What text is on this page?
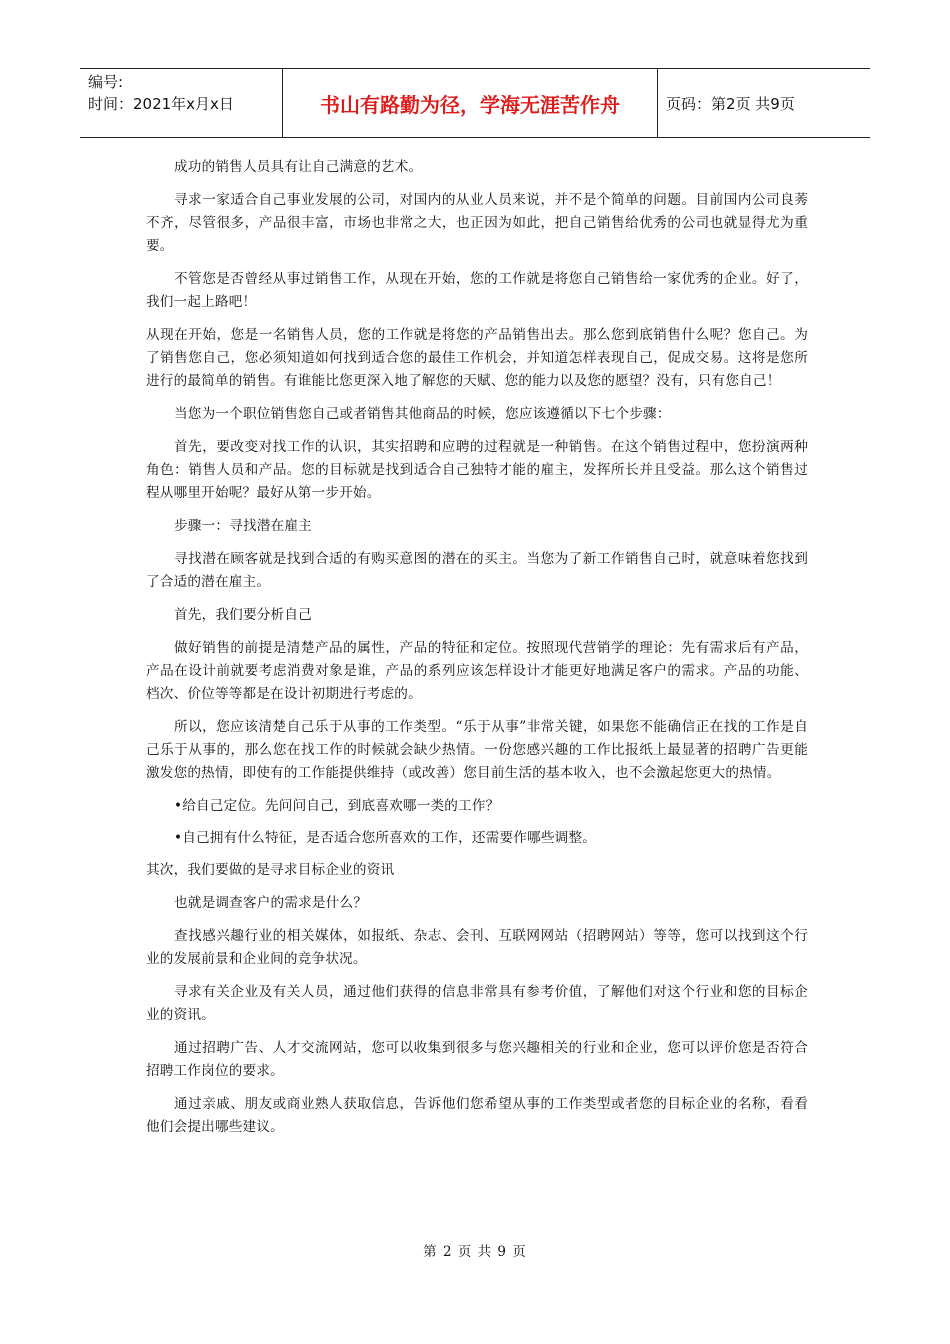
编号:
时间：2021年x月x日	书山有路勤为径，学海无涯苦作舟	页码：第2页 共9页

成功的销售人员具有让自己满意的艺术。

寻求一家适合自己事业发展的公司，对国内的从业人员来说，并不是个简单的问题。目前国内公司良莠不齐，尽管很多，产品很丰富，市场也非常之大，也正因为如此，把自己销售给优秀的公司也就显得尤为重要。

不管您是否曾经从事过销售工作，从现在开始，您的工作就是将您自己销售给一家优秀的企业。好了，我们一起上路吧！

从现在开始，您是一名销售人员，您的工作就是将您的产品销售出去。那么您到底销售什么呢？您自己。为了销售您自己，您必须知道如何找到适合您的最佳工作机会，并知道怎样表现自己，促成交易。这将是您所进行的最简单的销售。有谁能比您更深入地了解您的天赋、您的能力以及您的愿望？没有，只有您自己！

当您为一个职位销售您自己或者销售其他商品的时候，您应该遵循以下七个步骤：

首先，要改变对找工作的认识，其实招聘和应聘的过程就是一种销售。在这个销售过程中，您扮演两种角色：销售人员和产品。您的目标就是找到适合自己独特才能的雇主，发挥所长并且受益。那么这个销售过程从哪里开始呢？最好从第一步开始。

步骤一：寻找潜在雇主

寻找潜在顾客就是找到合适的有购买意图的潜在的买主。当您为了新工作销售自己时，就意味着您找到了合适的潜在雇主。

首先，我们要分析自己

做好销售的前提是清楚产品的属性，产品的特征和定位。按照现代营销学的理论：先有需求后有产品，产品在设计前就要考虑消费对象是谁，产品的系列应该怎样设计才能更好地满足客户的需求。产品的功能、档次、价位等等都是在设计初期进行考虑的。

所以，您应该清楚自己乐于从事的工作类型。“乐于从事”非常关键，如果您不能确信正在找的工作是自己乐于从事的，那么您在找工作的时候就会缺少热情。一份您感兴趣的工作比报纸上最显著的招聘广告更能激发您的热情，即使有的工作能提供维持（或改善）您目前生活的基本收入，也不会激起您更大的热情。

•给自己定位。先问问自己，到底喜欢哪一类的工作？

•自己拥有什么特征，是否适合您所喜欢的工作，还需要作哪些调整。

其次，我们要做的是寻求目标企业的资讯

也就是调查客户的需求是什么？

查找感兴趣行业的相关媒体，如报纸、杂志、会刊、互联网网站（招聘网站）等等，您可以找到这个行业的发展前景和企业间的竞争状况。

寻求有关企业及有关人员，通过他们获得的信息非常具有参考价值，了解他们对这个行业和您的目标企业的资讯。

通过招聘广告、人才交流网站，您可以收集到很多与您兴趣相关的行业和企业，您可以评价您是否符合招聘工作岗位的要求。

通过亲戚、朋友或商业熟人获取信息，告诉他们您希望从事的工作类型或者您的目标企业的名称，看看他们会提出哪些建议。

第 2 页 共 9 页
